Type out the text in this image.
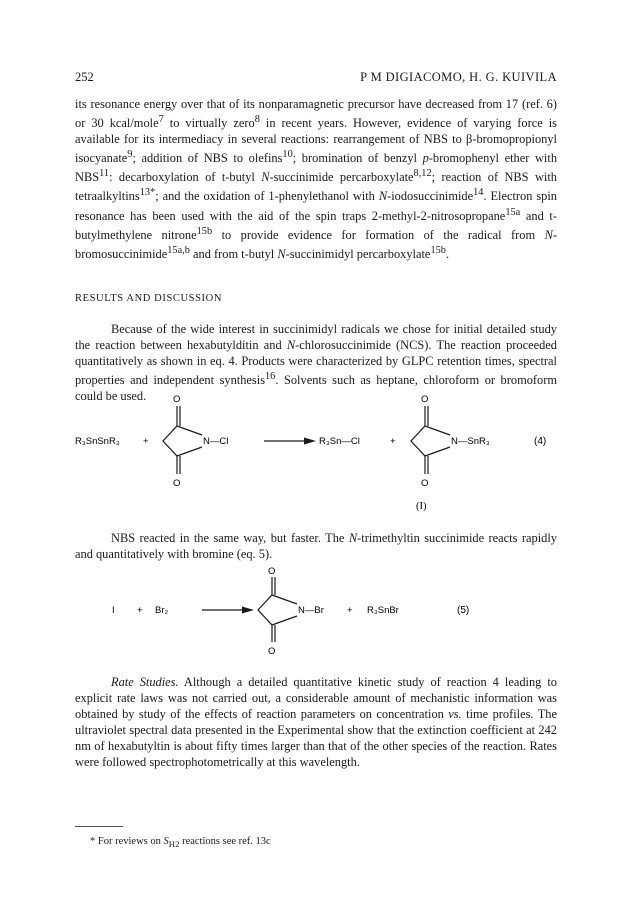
252	P M DIGIACOMO, H. G. KUIVILA

its resonance energy over that of its nonparamagnetic precursor have decreased from 17 (ref. 6) or 30 kcal/mole$^7$ to virtually zero$^8$ in recent years. However, evidence of varying force is available for its intermediacy in several reactions: rearrangement of NBS to β-bromopropionyl isocyanate$^9$; addition of NBS to olefins$^{10}$; bromination of benzyl p-bromophenyl ether with NBS$^{11}$: decarboxylation of t-butyl N-succinimide percarboxylate$^{8,12}$; reaction of NBS with tetraalkyltins$^{13*}$; and the oxidation of 1-phenylethanol with N-iodosuccinimide$^{14}$. Electron spin resonance has been used with the aid of the spin traps 2-methyl-2-nitrosopropane$^{15a}$ and t-butylmethylene nitrone$^{15b}$ to provide evidence for formation of the radical from N-bromosuccinimide$^{15a,b}$ and from t-butyl N-succinimidyl percarboxylate$^{15b}$.

RESULTS AND DISCUSSION

Because of the wide interest in succinimidyl radicals we chose for initial detailed study the reaction between hexabutylditin and N-chlorosuccinimide (NCS). The reaction proceeded quantitatively as shown in eq. 4. Products were characterized by GLPC retention times, spectral properties and independent synthesis$^{16}$. Solvents such as heptane, chloroform or bromoform could be used.

R₃SnSnR₃ +
O
O
N—Cl	R₃Sn—Cl	+
O
O
N—SnR₃	(4)
(I)

NBS reacted in the same way, but faster. The N-trimethyltin succinimide reacts rapidly and quantitatively with bromine (eq. 5).

I + Br₂
O
O
N—Br + R₃SnBr	(5)

Rate Studies. Although a detailed quantitative kinetic study of reaction 4 leading to explicit rate laws was not carried out, a considerable amount of mechanistic information was obtained by study of the effects of reaction parameters on concentration vs. time profiles. The ultraviolet spectral data presented in the Experimental show that the extinction coefficient at 242 nm of hexabutyltin is about fifty times larger than that of the other species of the reaction. Rates were followed spectrophotometrically at this wavelength.

* For reviews on $S_{H2}$ reactions see ref. 13c
